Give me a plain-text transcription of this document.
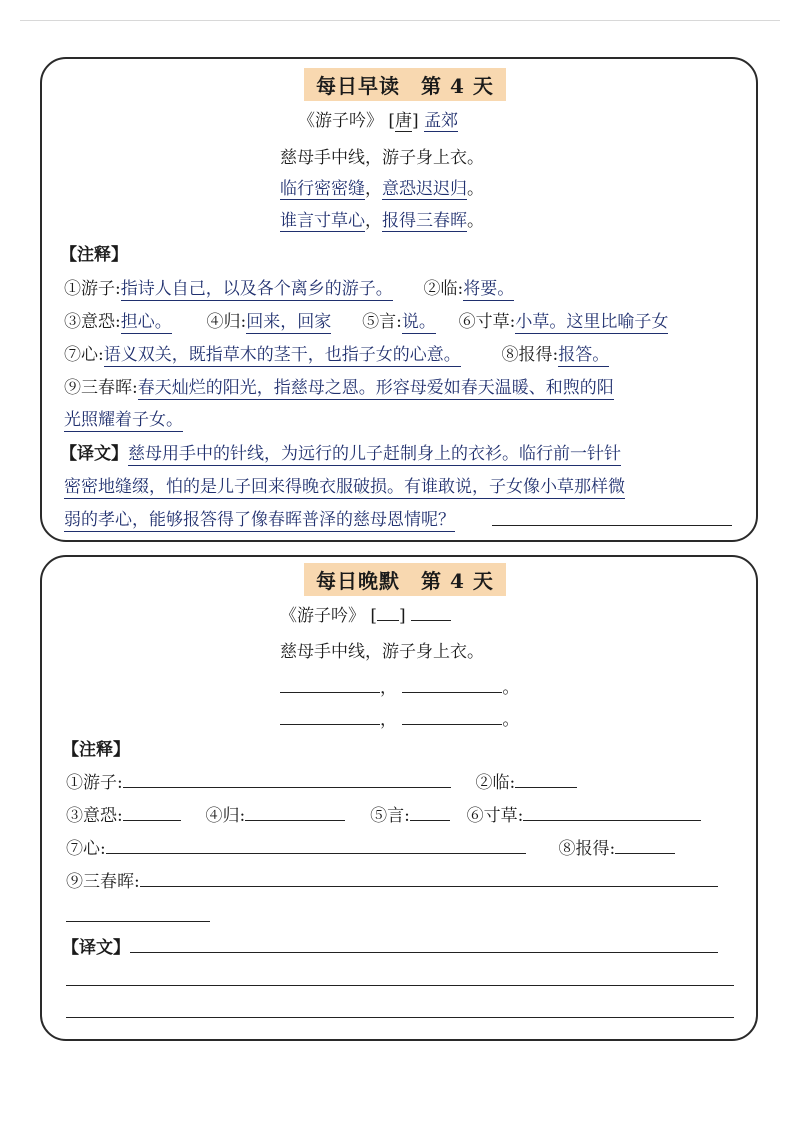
每日早读　第 4 天
《游子吟》 [唐] 孟郊
慈母手中线，游子身上衣。
临行密密缝，意恐迟迟归。
谁言寸草心，报得三春晖。
【注释】
①游子:指诗人自己，以及各个离乡的游子。 ②临:将要。
③意恐:担心。 ④归:回来，回家 ⑤言:说。 ⑥寸草:小草。这里比喻子女
⑦心:语义双关，既指草木的茎干，也指子女的心意。 ⑧报得:报答。
⑨三春晖:春天灿烂的阳光，指慈母之恩。形容母爱如春天温暖、和煦的阳
光照耀着子女。
【译文】慈母用手中的针线，为远行的儿子赶制身上的衣衫。临行前一针针
密密地缝缀，怕的是儿子回来得晚衣服破损。有谁敢说，子女像小草那样微
弱的孝心，能够报答得了像春晖普泽的慈母恩情呢？
每日晚默　第 4 天
《游子吟》 [ ]
慈母手中线，游子身上衣。
，	。
，	。
【注释】
①游子:	②临:
③意恐:	④归:	⑤言:	⑥寸草:
⑦心:	⑧报得:
⑨三春晖:
【译文】
